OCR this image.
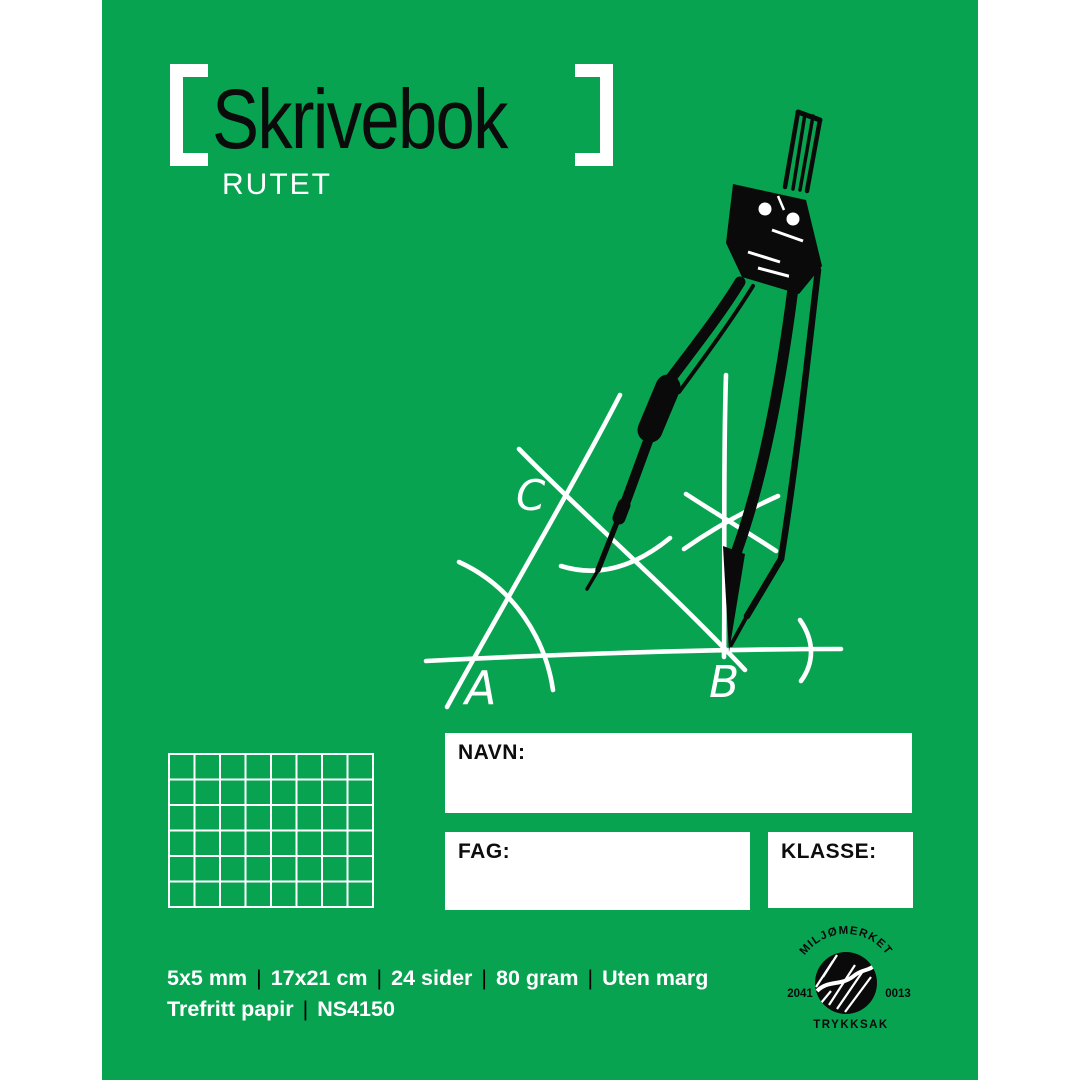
Skrivebok
RUTET
A	B
C
NAVN:
FAG:	KLASSE:
5x5 mm | 17x21 cm | 24 sider | 80 gram | Uten marg
Trefritt papir | NS4150
MILJØMERKET
2041	0013
TRYKKSAK
